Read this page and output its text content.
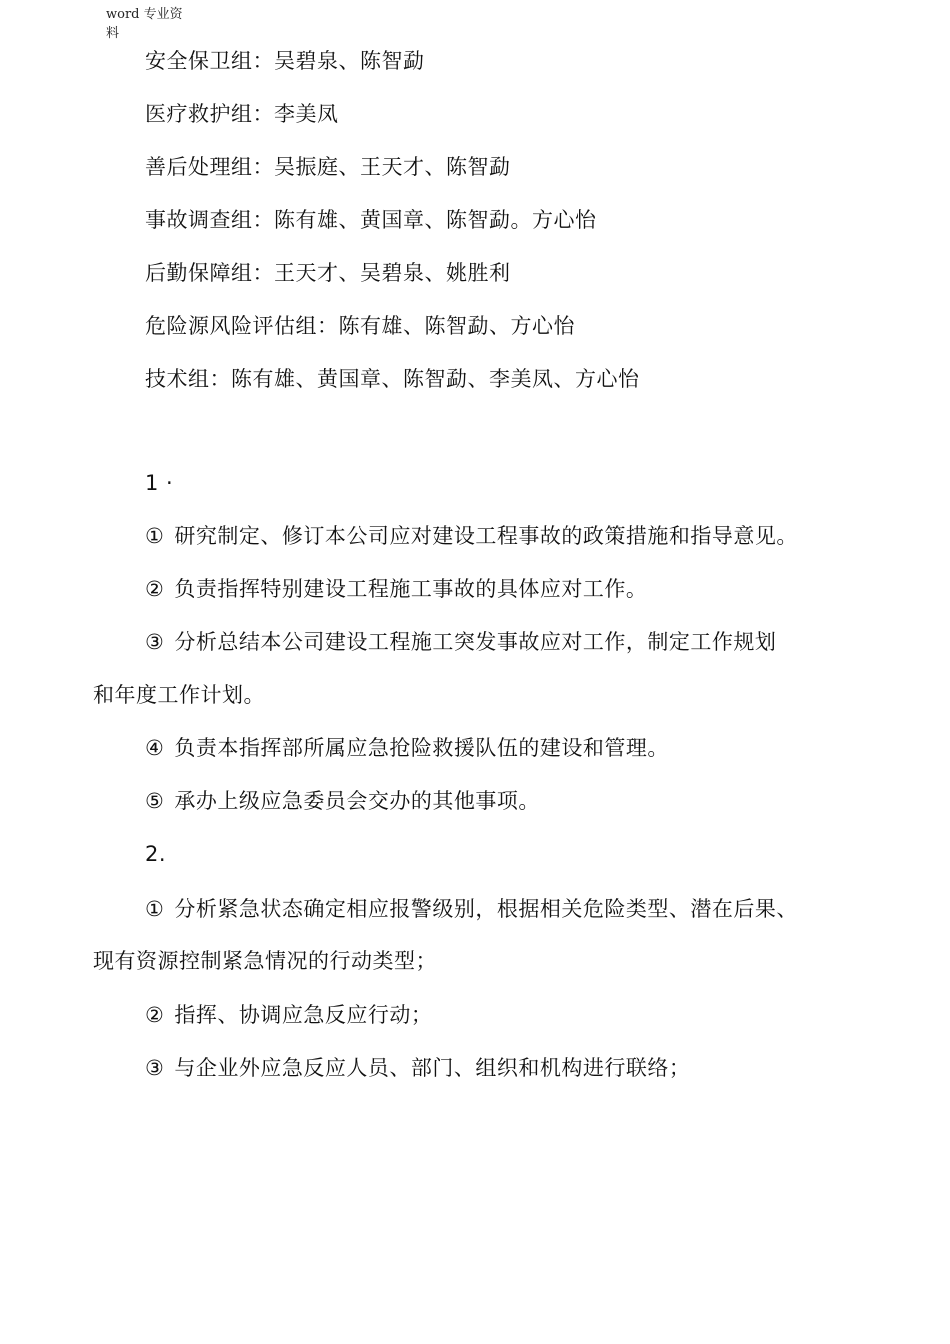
word 专业资
料
安全保卫组：吴碧泉、陈智勐
医疗救护组：李美凤
善后处理组：吴振庭、王天才、陈智勐
事故调查组：陈有雄、黄国章、陈智勐。方心怡
后勤保障组：王天才、吴碧泉、姚胜利
危险源风险评估组：陈有雄、陈智勐、方心怡
技术组：陈有雄、黄国章、陈智勐、李美凤、方心怡
1 ·
① 研究制定、修订本公司应对建设工程事故的政策措施和指导意见。
② 负责指挥特别建设工程施工事故的具体应对工作。
③ 分析总结本公司建设工程施工突发事故应对工作，制定工作规划
和年度工作计划。
④ 负责本指挥部所属应急抢险救援队伍的建设和管理。
⑤ 承办上级应急委员会交办的其他事项。
2.
① 分析紧急状态确定相应报警级别，根据相关危险类型、潜在后果、
现有资源控制紧急情况的行动类型；
② 指挥、协调应急反应行动；
③ 与企业外应急反应人员、部门、组织和机构进行联络；
